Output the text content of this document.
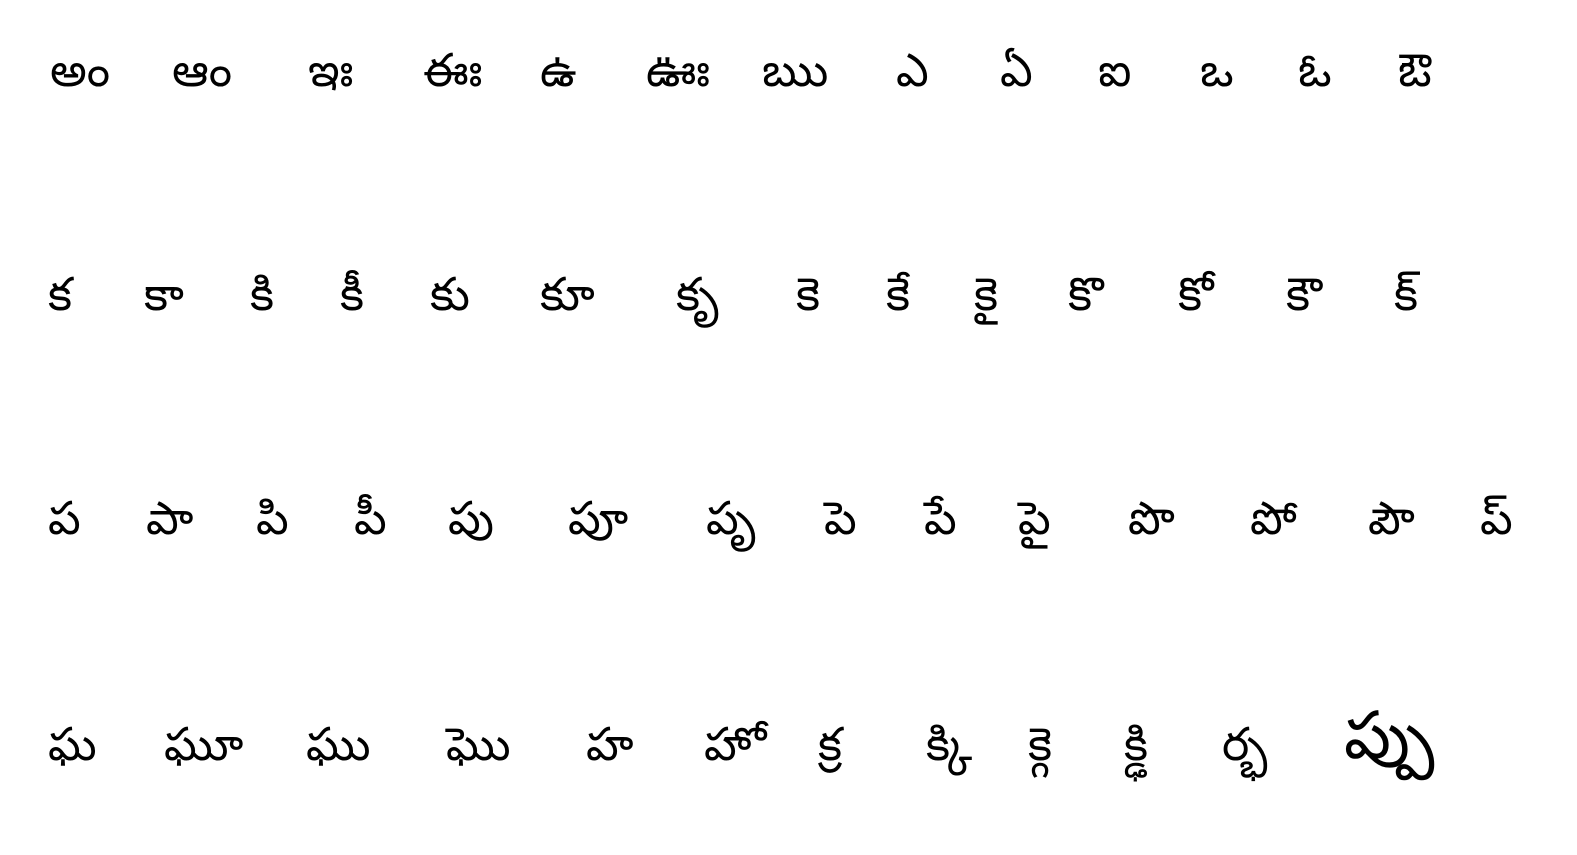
అం ఆం ఇః ఈః ఉ ఊః ఋ ఎ ఏ ఐ ఒ ఓ ఔ
క కా కి కీ కు కూ కృ కె కే కై కొ కో కౌ క్
ప పా పి పీ పు పూ పృ పె పే పై పొ పో పౌ ప్
ఘ ఘూ ఘు ఘొ హ హో క్ర క్కి క్గె క్ఢి ర్భ ప్పు
